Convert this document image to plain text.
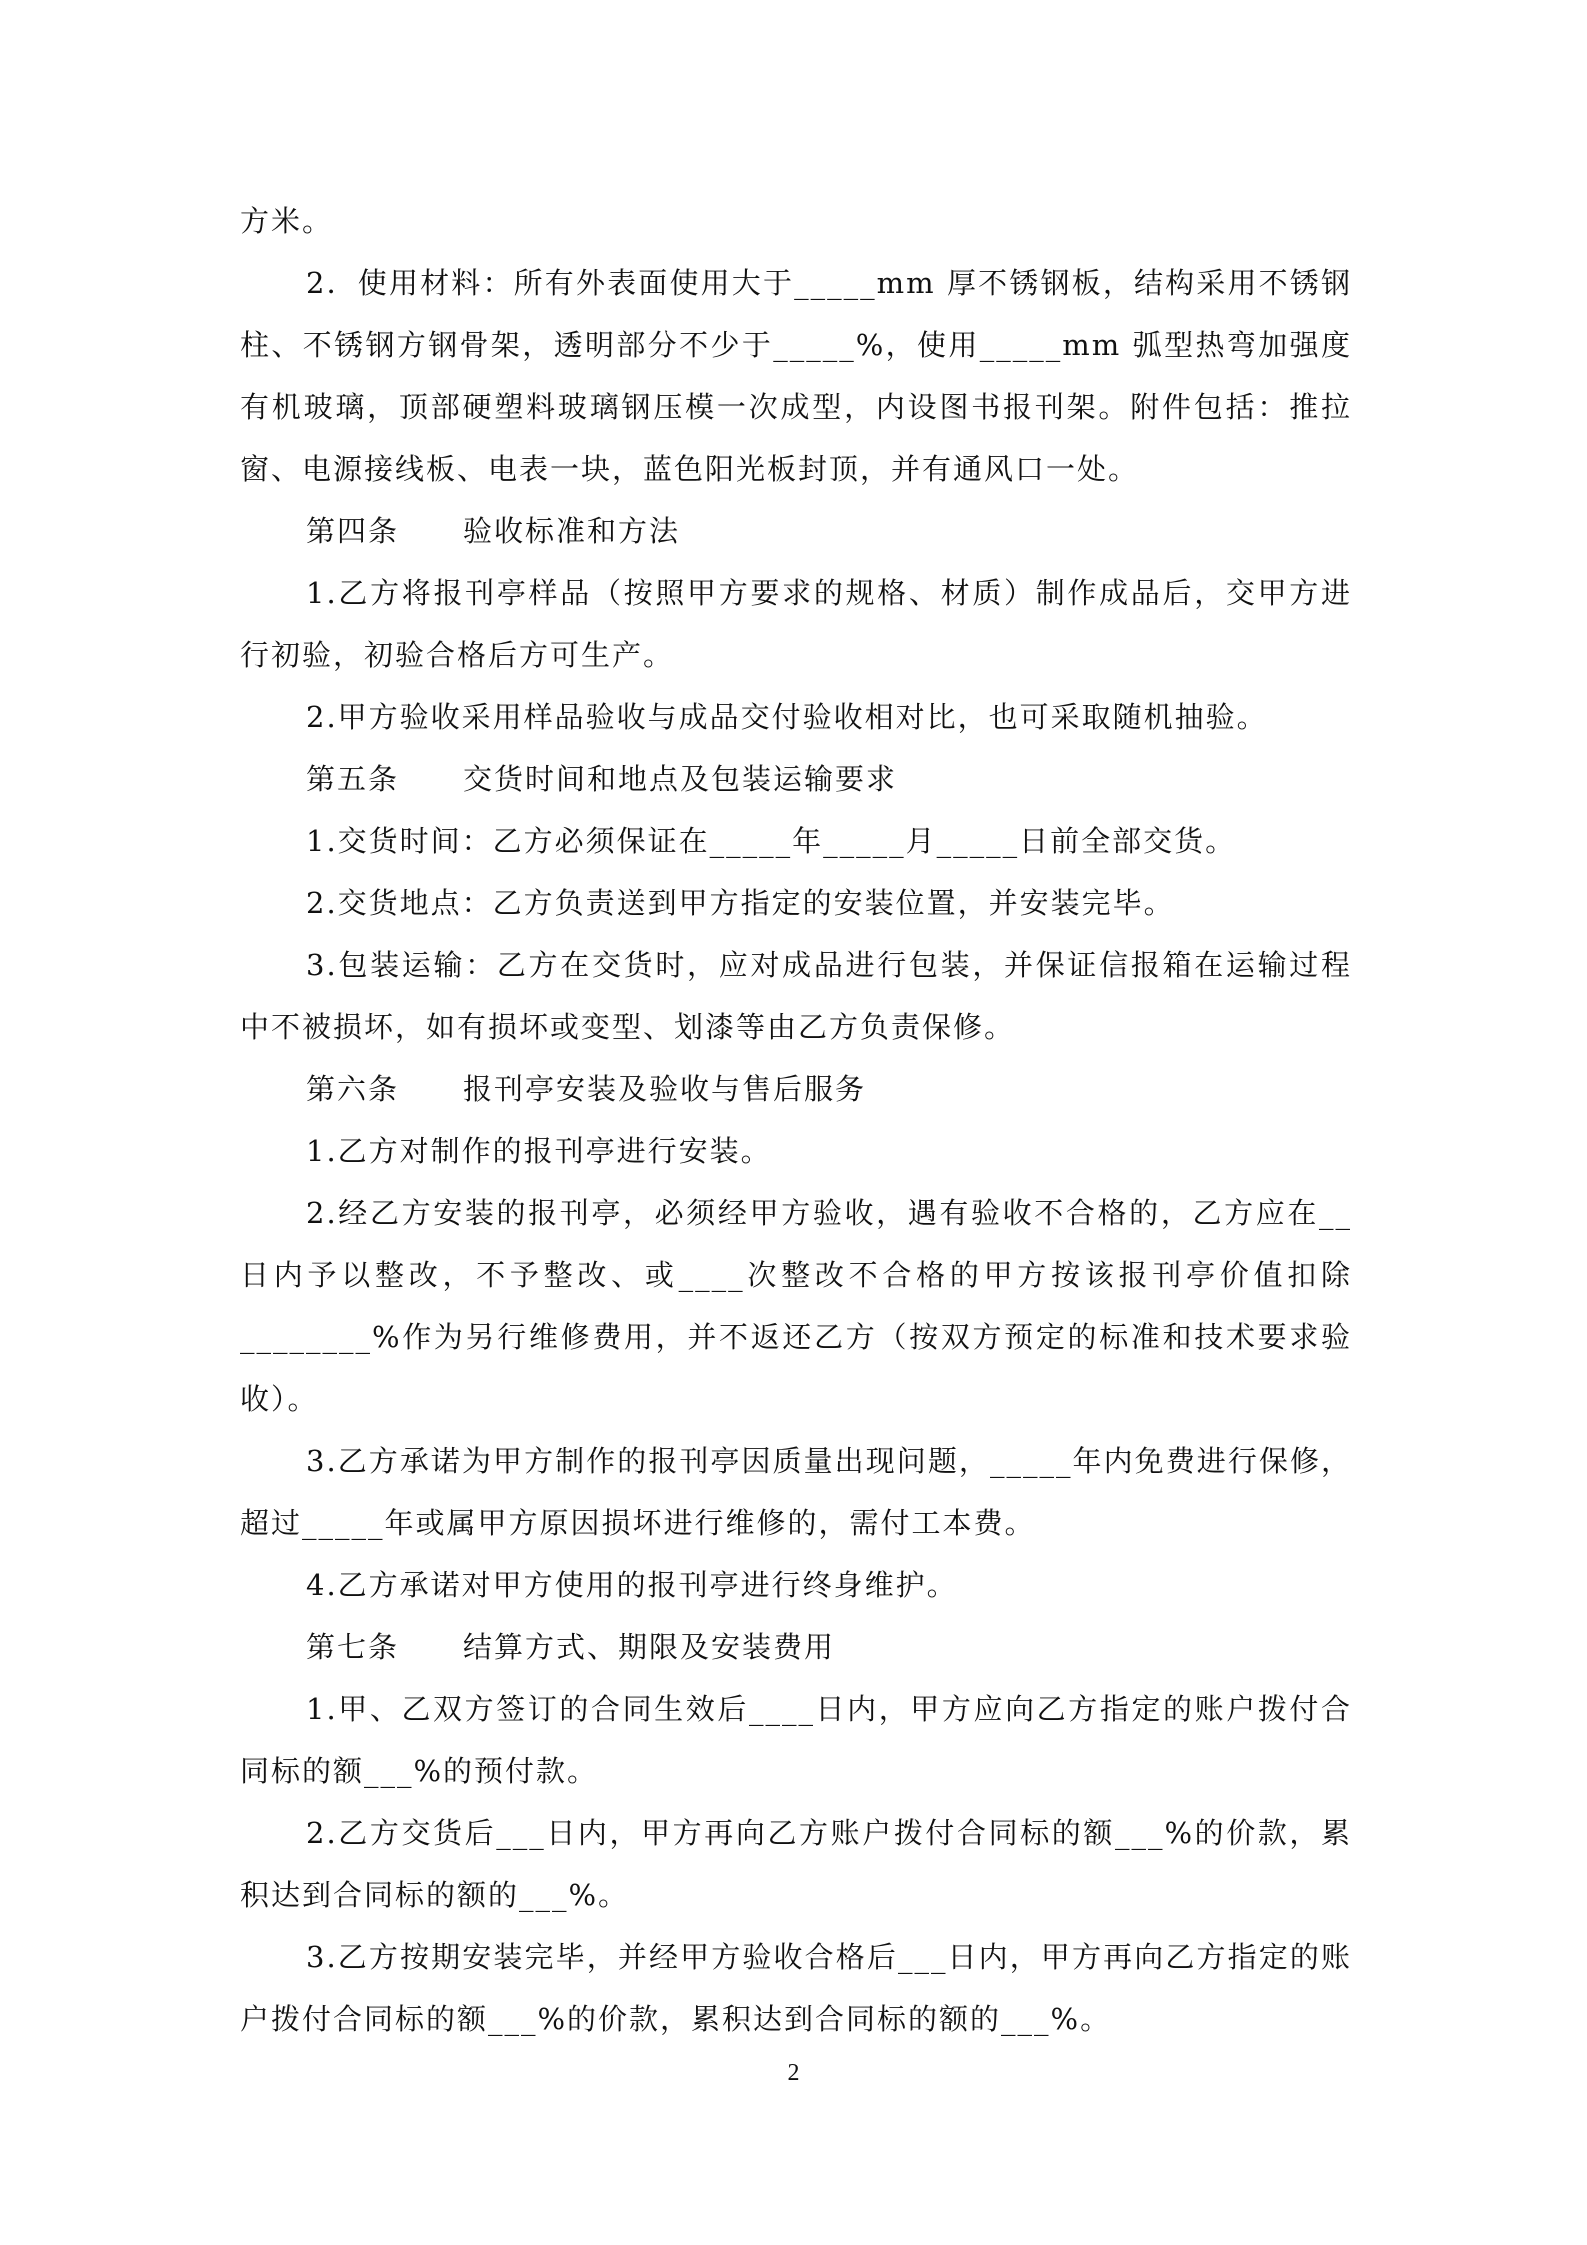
方米。

2．使用材料：所有外表面使用大于_____mm 厚不锈钢板，结构采用不锈钢柱、不锈钢方钢骨架，透明部分不少于_____%，使用_____mm 弧型热弯加强度有机玻璃，顶部硬塑料玻璃钢压模一次成型，内设图书报刊架。附件包括：推拉窗、电源接线板、电表一块，蓝色阳光板封顶，并有通风口一处。

第四条 验收标准和方法

1.乙方将报刊亭样品（按照甲方要求的规格、材质）制作成品后，交甲方进行初验，初验合格后方可生产。

2.甲方验收采用样品验收与成品交付验收相对比，也可采取随机抽验。

第五条 交货时间和地点及包装运输要求

1.交货时间：乙方必须保证在_____年_____月_____日前全部交货。

2.交货地点：乙方负责送到甲方指定的安装位置，并安装完毕。

3.包装运输：乙方在交货时，应对成品进行包装，并保证信报箱在运输过程中不被损坏，如有损坏或变型、划漆等由乙方负责保修。

第六条 报刊亭安装及验收与售后服务

1.乙方对制作的报刊亭进行安装。

2.经乙方安装的报刊亭，必须经甲方验收，遇有验收不合格的，乙方应在__日内予以整改，不予整改、或____次整改不合格的甲方按该报刊亭价值扣除________%作为另行维修费用，并不返还乙方（按双方预定的标准和技术要求验收）。

3.乙方承诺为甲方制作的报刊亭因质量出现问题，_____年内免费进行保修，超过_____年或属甲方原因损坏进行维修的，需付工本费。

4.乙方承诺对甲方使用的报刊亭进行终身维护。

第七条 结算方式、期限及安装费用

1.甲、乙双方签订的合同生效后____日内，甲方应向乙方指定的账户拨付合同标的额___%的预付款。

2.乙方交货后___日内，甲方再向乙方账户拨付合同标的额___%的价款，累积达到合同标的额的___%。

3.乙方按期安装完毕，并经甲方验收合格后___日内，甲方再向乙方指定的账户拨付合同标的额___%的价款，累积达到合同标的额的___%。

2
